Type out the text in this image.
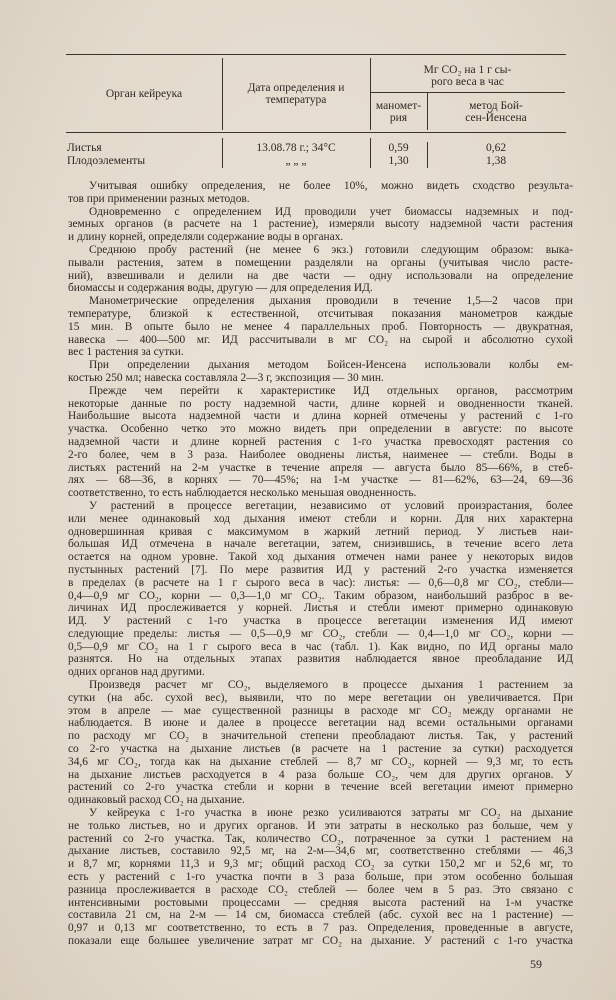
Орган кейреука	Дата определения и
температура
Мг CO₂ на 1 г сы-
рого веса в час
маномет-
рия
метод Бой-
сен-Йенсена
Листья	13.08.78 г.; 34°C	0,59	0,62
Плодоэлементы	„ „ „	1,30	1,38
Учитывая ошибку определения, не более 10%, можно видеть сходство результа-
тов при применении разных методов.
Одновременно с определением ИД проводили учет биомассы надземных и под-
земных органов (в расчете на 1 растение), измеряли высоту надземной части растения
и длину корней, определяли содержание воды в органах.
Среднюю пробу растений (не менее 6 экз.) готовили следующим образом: выка-
пывали растения, затем в помещении разделяли на органы (учитывая число расте-
ний), взвешивали и делили на две части — одну использовали на определение
биомассы и содержания воды, другую — для определения ИД.
Манометрические определения дыхания проводили в течение 1,5—2 часов при
температуре, близкой к естественной, отсчитывая показания манометров каждые
15 мин. В опыте было не менее 4 параллельных проб. Повторность — двукратная,
навеска — 400—500 мг. ИД рассчитывали в мг CO₂ на сырой и абсолютно сухой
вес 1 растения за сутки.
При определении дыхания методом Бойсен-Иенсена использовали колбы ем-
костью 250 мл; навеска составляла 2—3 г, экспозиция — 30 мин.
Прежде чем перейти к характеристике ИД отдельных органов, рассмотрим
некоторые данные по росту надземной части, длине корней и оводненности тканей.
Наибольшие высота надземной части и длина корней отмечены у растений с 1-го
участка. Особенно четко это можно видеть при определении в августе: по высоте
надземной части и длине корней растения с 1-го участка превосходят растения со
2-го более, чем в 3 раза. Наиболее оводнены листья, наименее — стебли. Воды в
листьях растений на 2-м участке в течение апреля — августа было 85—66%, в стеб-
лях — 68—36, в корнях — 70—45%; на 1-м участке — 81—62%, 63—24, 69—36
соответственно, то есть наблюдается несколько меньшая оводненность.
У растений в процессе вегетации, независимо от условий произрастания, более
или менее одинаковый ход дыхания имеют стебли и корни. Для них характерна
одновершинная кривая с максимумом в жаркий летний период. У листьев наи-
большая ИД отмечена в начале вегетации, затем, снизившись, в течение всего лета
остается на одном уровне. Такой ход дыхания отмечен нами ранее у некоторых видов
пустынных растений [7]. По мере развития ИД у растений 2-го участка изменяется
в пределах (в расчете на 1 г сырого веса в час): листья: — 0,6—0,8 мг CO₂, стебли—
0,4—0,9 мг CO₂, корни — 0,3—1,0 мг CO₂. Таким образом, наибольший разброс в ве-
личинах ИД прослеживается у корней. Листья и стебли имеют примерно одинаковую
ИД. У растений с 1-го участка в процессе вегетации изменения ИД имеют
следующие пределы: листья — 0,5—0,9 мг CO₂, стебли — 0,4—1,0 мг CO₂, корни —
0,5—0,9 мг CO₂ на 1 г сырого веса в час (табл. 1). Как видно, по ИД органы мало
разнятся. Но на отдельных этапах развития наблюдается явное преобладание ИД
одних органов над другими.
Произведя расчет мг CO₂, выделяемого в процессе дыхания 1 растением за
сутки (на абс. сухой вес), выявили, что по мере вегетации он увеличивается. При
этом в апреле — мае существенной разницы в расходе мг CO₂ между органами не
наблюдается. В июне и далее в процессе вегетации над всеми остальными органами
по расходу мг CO₂ в значительной степени преобладают листья. Так, у растений
со 2-го участка на дыхание листьев (в расчете на 1 растение за сутки) расходуется
34,6 мг CO₂, тогда как на дыхание стеблей — 8,7 мг CO₂, корней — 9,3 мг, то есть
на дыхание листьев расходуется в 4 раза больше CO₂, чем для других органов. У
растений со 2-го участка стебли и корни в течение всей вегетации имеют примерно
одинаковый расход CO₂ на дыхание.
У кейреука с 1-го участка в июне резко усиливаются затраты мг CO₂ на дыхание
не только листьев, но и других органов. И эти затраты в несколько раз больше, чем у
растений со 2-го участка. Так, количество CO₂, потраченное за сутки 1 растением на
дыхание листьев, составило 92,5 мг, на 2-м—34,6 мг, соответственно стеблями — 46,3
и 8,7 мг, корнями 11,3 и 9,3 мг; общий расход CO₂ за сутки 150,2 мг и 52,6 мг, то
есть у растений с 1-го участка почти в 3 раза больше, при этом особенно большая
разница прослеживается в расходе CO₂ стеблей — более чем в 5 раз. Это связано с
интенсивными ростовыми процессами — средняя высота растений на 1-м участке
составила 21 см, на 2-м — 14 см, биомасса стеблей (абс. сухой вес на 1 растение) —
0,97 и 0,13 мг соответственно, то есть в 7 раз. Определения, проведенные в августе,
показали еще большее увеличение затрат мг CO₂ на дыхание. У растений с 1-го участка
59
